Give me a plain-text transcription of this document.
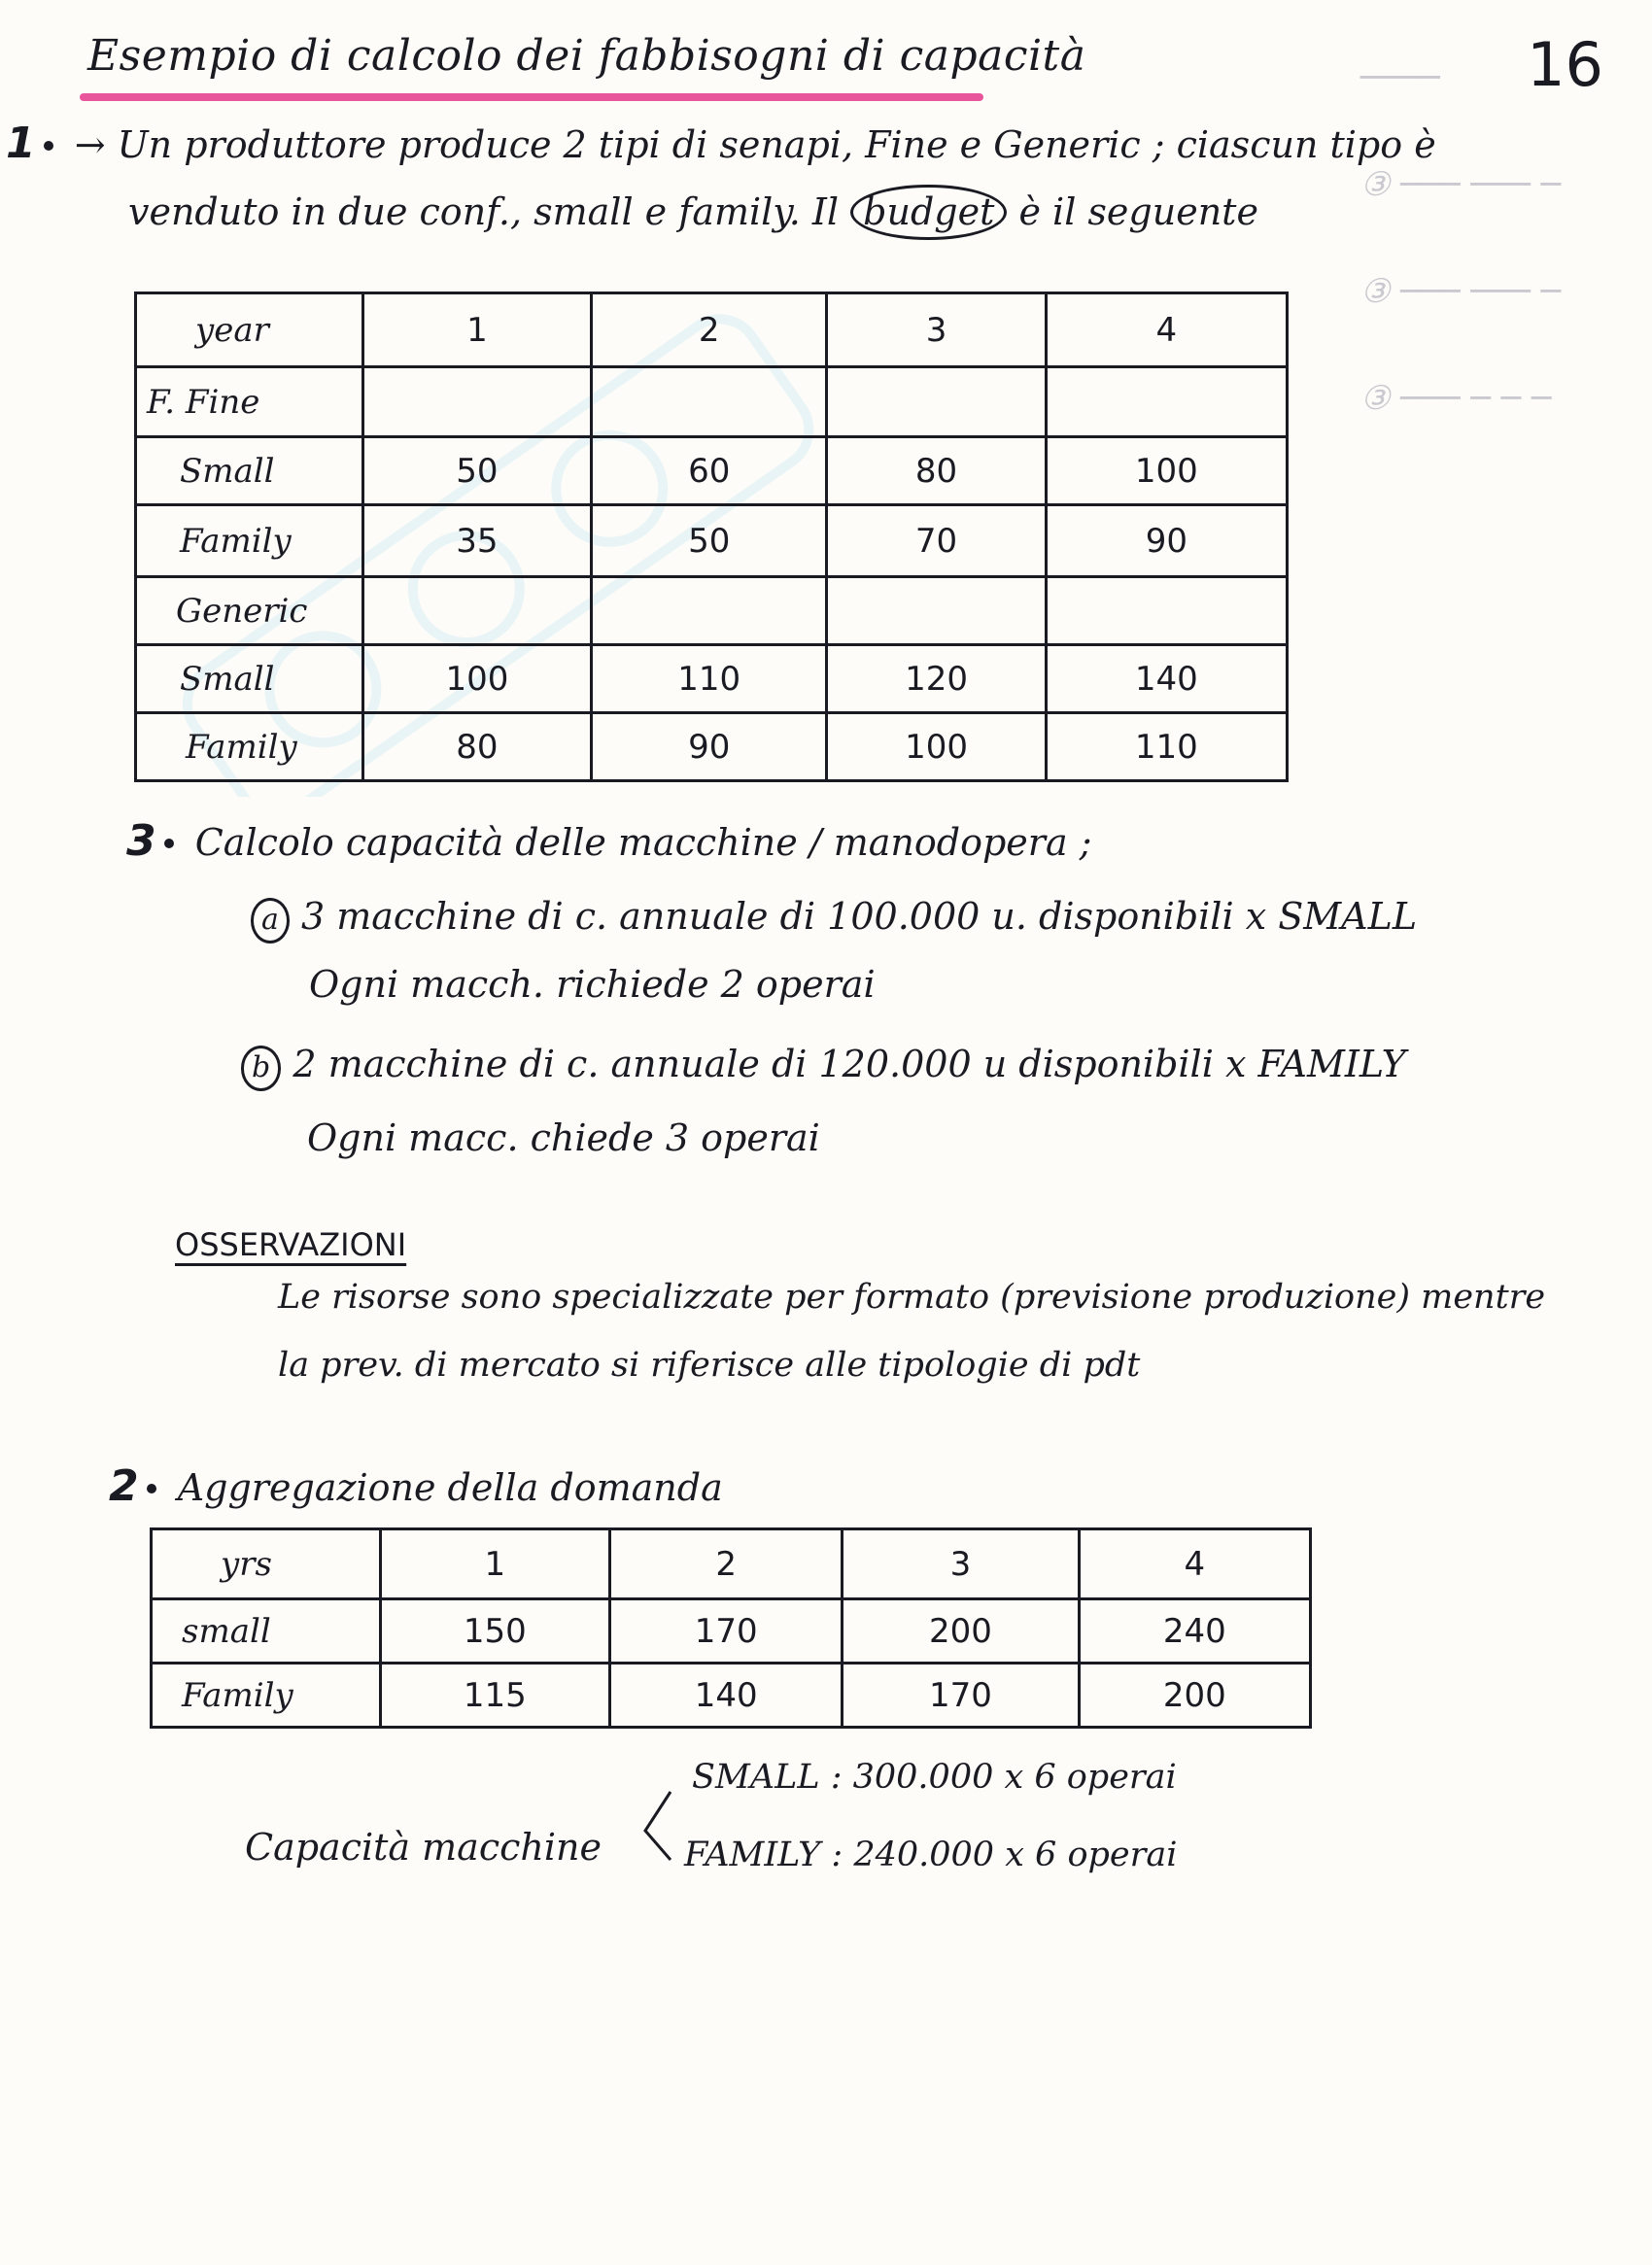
────
③ ─── ─── ─
③ ─── ─── ─
③ ─── ─ ─ ─
Esempio di calcolo dei fabbisogni di capacità	16
1 → Un produttore produce 2 tipi di senapi, Fine e Generic ; ciascun tipo è
venduto in due conf., small e family. Il budget è il seguente
year	1	2	3	4
F. Fine				
Small	50	60	80	100
Family	35	50	70	90
Generic				
Small	100	110	120	140
Family	80	90	100	110
3 Calcolo capacità delle macchine / manodopera ;
a 3 macchine di c. annuale di 100.000 u. disponibili x SMALL
Ogni macch. richiede 2 operai
b 2 macchine di c. annuale di 120.000 u disponibili x FAMILY
Ogni macc. chiede 3 operai
OSSERVAZIONI
Le risorse sono specializzate per formato (previsione produzione) mentre
la prev. di mercato si riferisce alle tipologie di pdt
2 Aggregazione della domanda
yrs	1	2	3	4
small	150	170	200	240
Family	115	140	170	200
Capacità macchine
SMALL : 300.000 x 6 operai
FAMILY : 240.000 x 6 operai
